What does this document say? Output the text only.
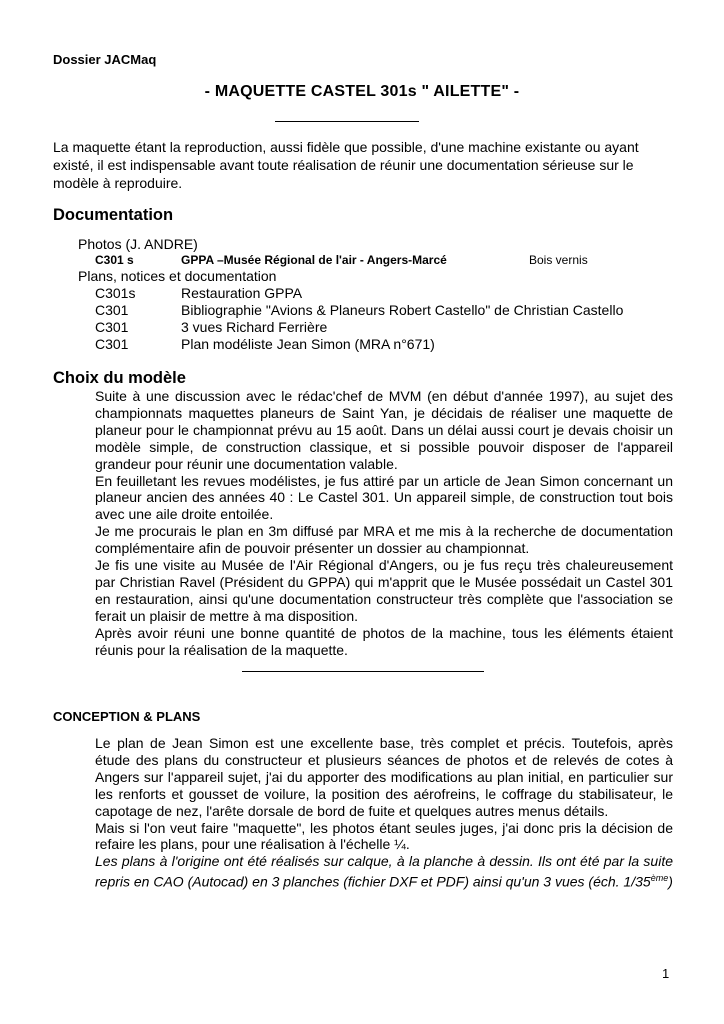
Dossier JACMaq
- MAQUETTE CASTEL 301s " AILETTE" -
La maquette étant la reproduction, aussi fidèle que possible, d'une machine existante ou ayant existé, il est indispensable avant toute réalisation de réunir une documentation sérieuse sur le modèle à reproduire.
Documentation
Photos (J. ANDRE)
C301 s	GPPA –Musée Régional de l'air - Angers-Marcé	Bois vernis
Plans, notices et documentation
C301s	Restauration GPPA
C301	Bibliographie "Avions & Planeurs Robert Castello" de Christian Castello
C301	3 vues Richard Ferrière
C301	Plan modéliste Jean Simon (MRA n°671)
Choix du modèle

Suite à une discussion avec le rédac'chef de MVM (en début d'année 1997), au sujet des championnats maquettes planeurs de Saint Yan, je décidais de réaliser une maquette de planeur pour le championnat prévu au 15 août. Dans un délai aussi court je devais choisir un modèle simple, de construction classique, et si possible pouvoir disposer de l'appareil grandeur pour réunir une documentation valable.

En feuilletant les revues modélistes, je fus attiré par un article de Jean Simon concernant un planeur ancien des années 40 : Le Castel 301. Un appareil simple, de construction tout bois avec une aile droite entoilée.

Je me procurais le plan en 3m diffusé par MRA et me mis à la recherche de documentation complémentaire afin de pouvoir présenter un dossier au championnat.

Je fis une visite au Musée de l'Air Régional d'Angers, ou je fus reçu très chaleureusement par Christian Ravel (Président du GPPA) qui m'apprit que le Musée possédait un Castel 301 en restauration, ainsi qu'une documentation constructeur très complète que l'association se ferait un plaisir de mettre à ma disposition.

Après avoir réuni une bonne quantité de photos de la machine, tous les éléments étaient réunis pour la réalisation de la maquette.

CONCEPTION & PLANS

Le plan de Jean Simon est une excellente base, très complet et précis. Toutefois, après étude des plans du constructeur et plusieurs séances de photos et de relevés de cotes à Angers sur l'appareil sujet, j'ai du apporter des modifications au plan initial, en particulier sur les renforts et gousset de voilure, la position des aérofreins, le coffrage du stabilisateur, le capotage de nez, l'arête dorsale de bord de fuite et quelques autres menus détails.

Mais si l'on veut faire "maquette", les photos étant seules juges, j'ai donc pris la décision de refaire les plans, pour une réalisation à l'échelle ¼.

Les plans à l'origine ont été réalisés sur calque, à la planche à dessin. Ils ont été par la suite repris en CAO (Autocad) en 3 planches (fichier DXF et PDF) ainsi qu'un 3 vues (éch. 1/35ème)

1
